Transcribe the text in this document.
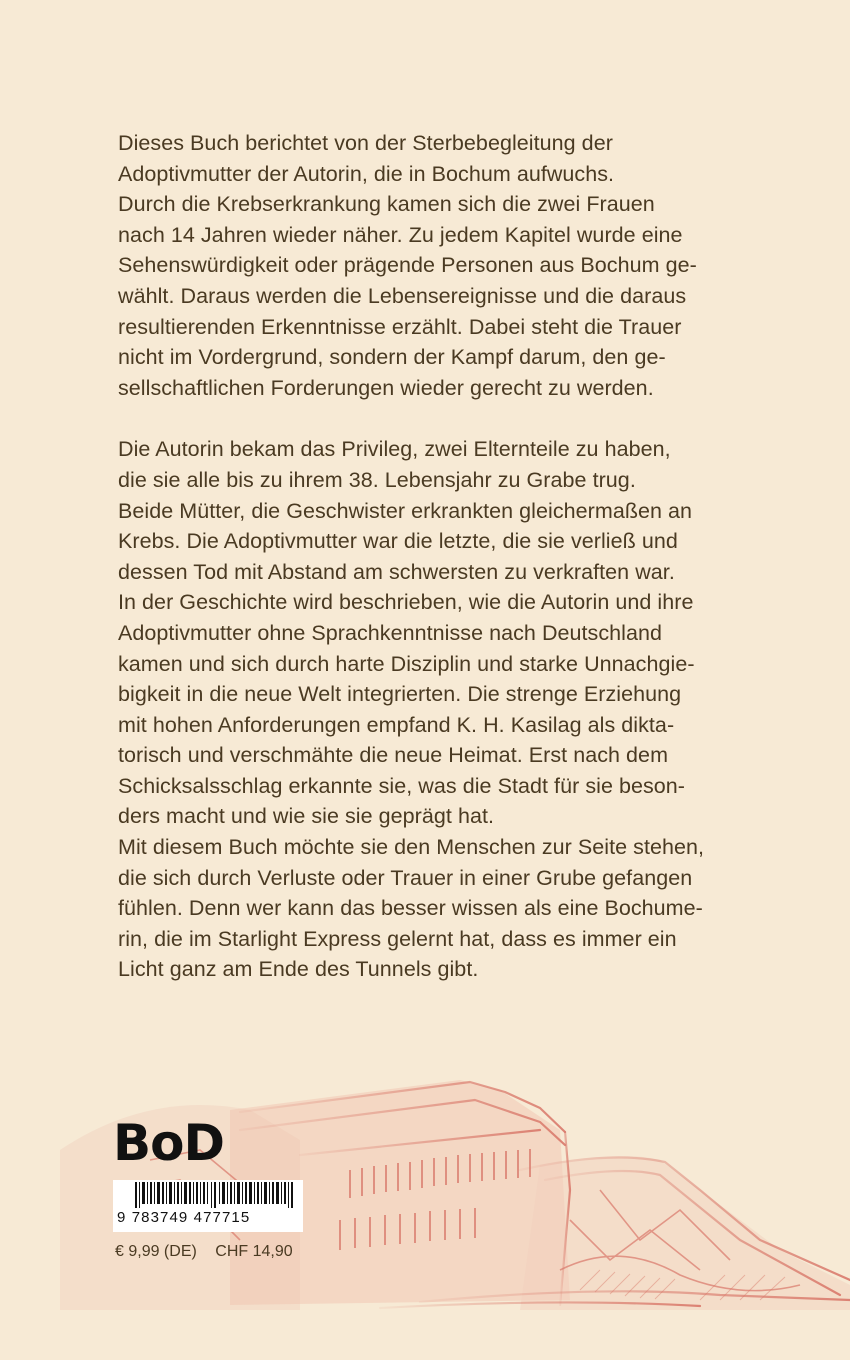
Dieses Buch berichtet von der Sterbebegleitung der
Adoptivmutter der Autorin, die in Bochum aufwuchs.
Durch die Krebserkrankung kamen sich die zwei Frauen
nach 14 Jahren wieder näher. Zu jedem Kapitel wurde eine
Sehenswürdigkeit oder prägende Personen aus Bochum ge-
wählt. Daraus werden die Lebensereignisse und die daraus
resultierenden Erkenntnisse erzählt. Dabei steht die Trauer
nicht im Vordergrund, sondern der Kampf darum, den ge-
sellschaftlichen Forderungen wieder gerecht zu werden.

Die Autorin bekam das Privileg, zwei Elternteile zu haben,
die sie alle bis zu ihrem 38. Lebensjahr zu Grabe trug.
Beide Mütter, die Geschwister erkrankten gleichermaßen an
Krebs. Die Adoptivmutter war die letzte, die sie verließ und
dessen Tod mit Abstand am schwersten zu verkraften war.
In der Geschichte wird beschrieben, wie die Autorin und ihre
Adoptivmutter ohne Sprachkenntnisse nach Deutschland
kamen und sich durch harte Disziplin und starke Unnachgie-
bigkeit in die neue Welt integrierten. Die strenge Erziehung
mit hohen Anforderungen empfand K. H. Kasilag als diktа-
torisch und verschmähte die neue Heimat. Erst nach dem
Schicksalsschlag erkannte sie, was die Stadt für sie beson-
ders macht und wie sie sie geprägt hat.
Mit diesem Buch möchte sie den Menschen zur Seite stehen,
die sich durch Verluste oder Trauer in einer Grube gefangen
fühlen. Denn wer kann das besser wissen als eine Bochume-
rin, die im Starlight Express gelernt hat, dass es immer ein
Licht ganz am Ende des Tunnels gibt.

BoD
9 783749 477715
€ 9,99 (DE) CHF 14,90
